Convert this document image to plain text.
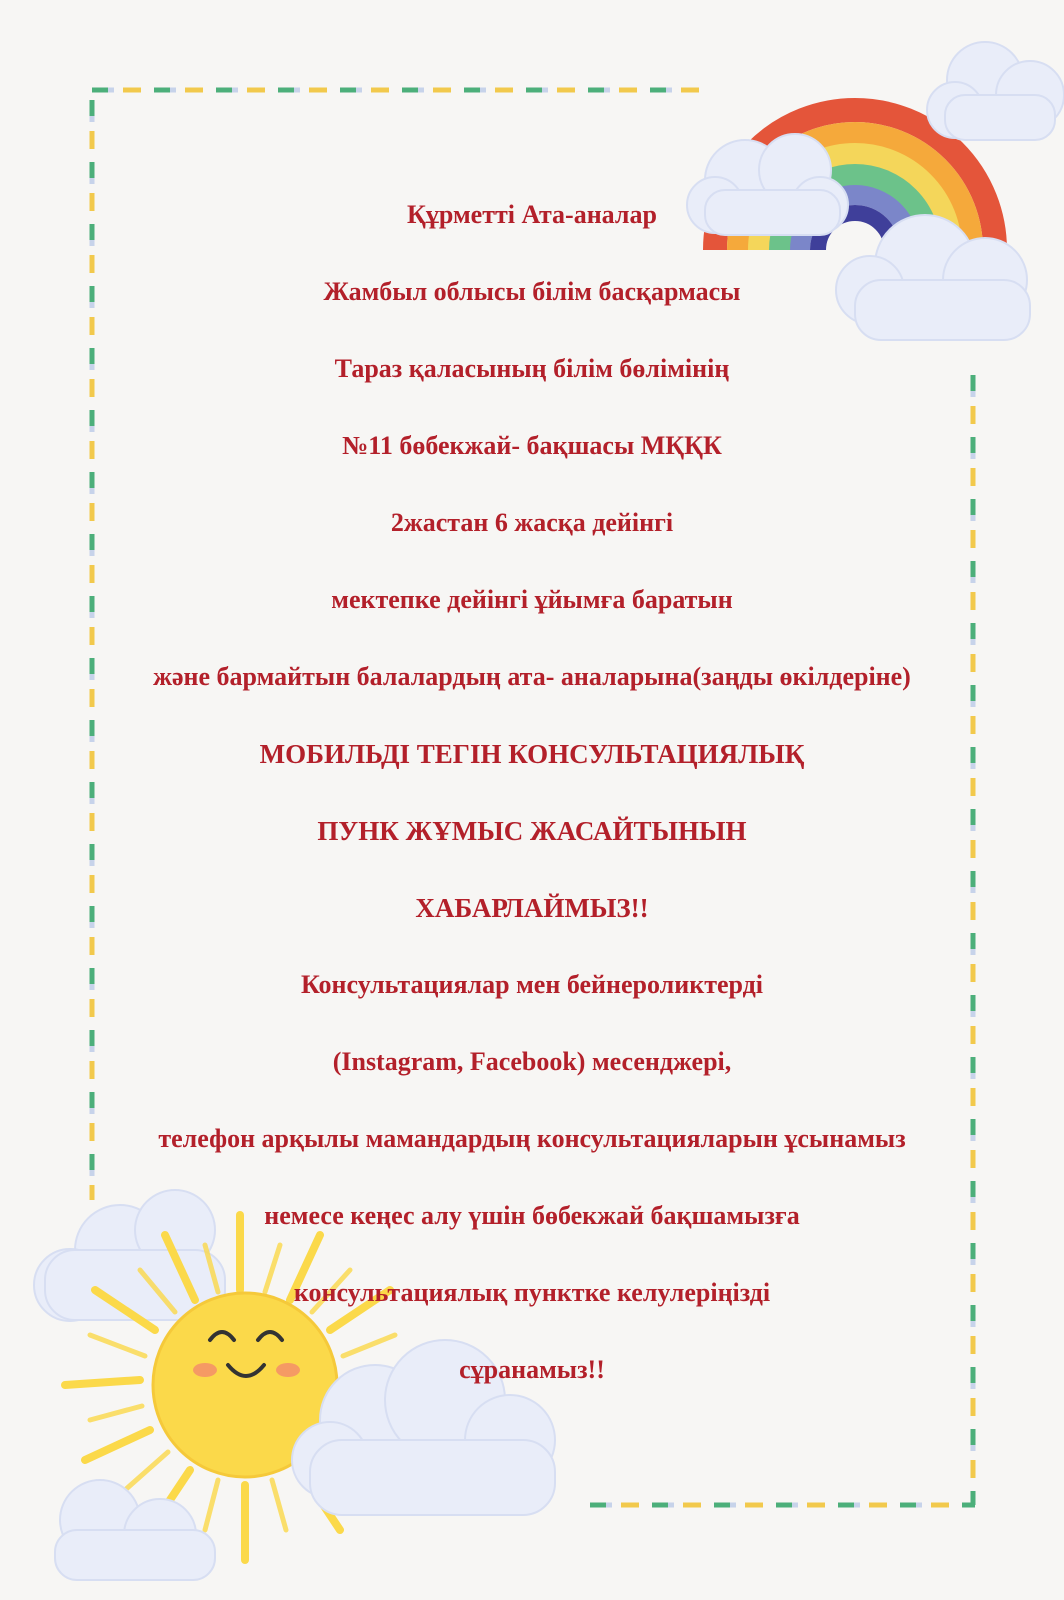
Құрметті Ата-аналар
Жамбыл облысы білім басқармасы
Тараз қаласының білім бөлімінің
№11 бөбекжай- бақшасы МҚҚК
2жастан 6 жасқа дейінгі
мектепке дейінгі ұйымға баратын
және бармайтын балалардың ата- аналарына(заңды өкілдеріне)
МОБИЛЬДІ ТЕГІН КОНСУЛЬТАЦИЯЛЫҚ
ПУНК ЖҰМЫС ЖАСАЙТЫНЫН
ХАБАРЛАЙМЫЗ!!
Консультациялар мен бейнероликтерді
(Instagram, Facebook) месенджері,
телефон арқылы мамандардың консультацияларын ұсынамыз
немесе кеңес алу үшін бөбекжай бақшамызға
консультациялық пунктке келулеріңізді
сұранамыз!!
